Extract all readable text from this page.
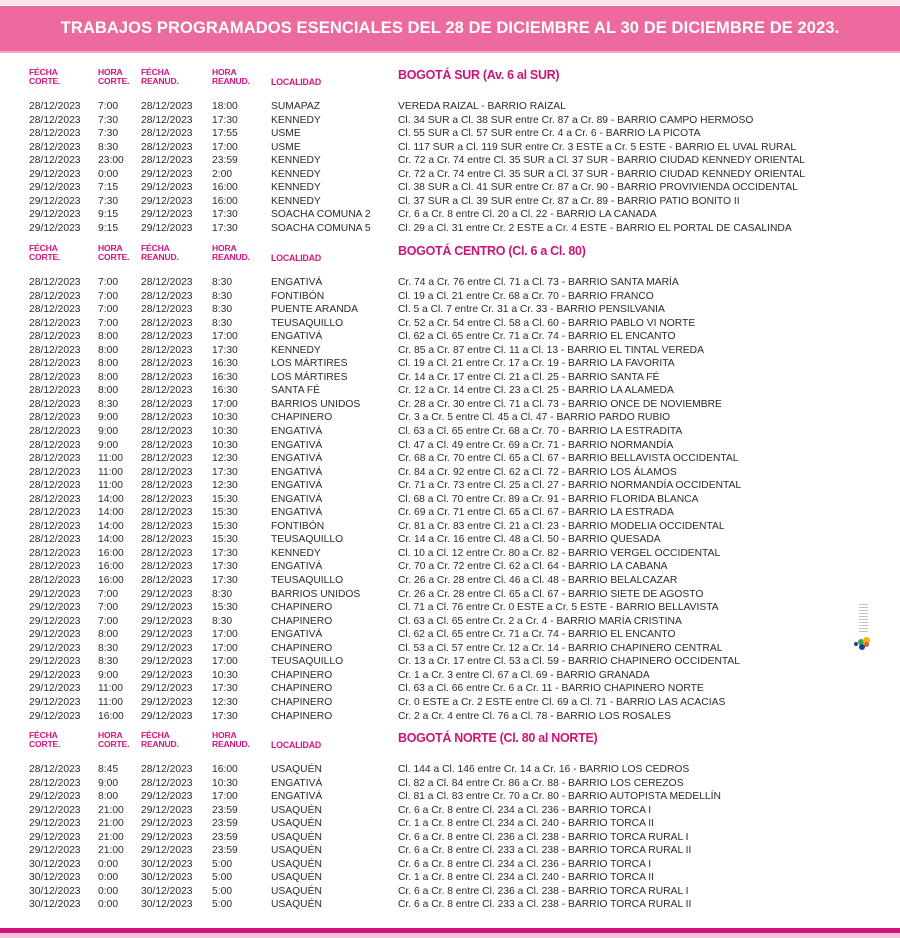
TRABAJOS PROGRAMADOS ESENCIALES DEL 28 DE DICIEMBRE AL 30 DE DICIEMBRE DE 2023.
FÉCHA
CORTE.
HORA
CORTE.
FÉCHA
REANUD.
HORA
REANUD. LOCALIDAD	BOGOTÁ SUR (Av. 6 al SUR)
28/12/2023 7:00 28/12/2023 18:00	SUMAPAZ	VEREDA RAIZAL - BARRIO RAIZAL
28/12/2023 7:30 28/12/2023 17:30	KENNEDY	Cl. 34 SUR a Cl. 38 SUR entre Cr. 87 a Cr. 89 - BARRIO CAMPO HERMOSO
28/12/2023 7:30 28/12/2023 17:55	USME	Cl. 55 SUR a Cl. 57 SUR entre Cr. 4 a Cr. 6 - BARRIO LA PICOTA
28/12/2023 8:30 28/12/2023 17:00	USME	Cl. 117 SUR a Cl. 119 SUR entre Cr. 3 ESTE a Cr. 5 ESTE - BARRIO EL UVAL RURAL
28/12/2023 23:00 28/12/2023 23:59	KENNEDY	Cr. 72 a Cr. 74 entre Cl. 35 SUR a Cl. 37 SUR - BARRIO CIUDAD KENNEDY ORIENTAL
29/12/2023 0:00 29/12/2023 2:00	KENNEDY	Cr. 72 a Cr. 74 entre Cl. 35 SUR a Cl. 37 SUR - BARRIO CIUDAD KENNEDY ORIENTAL
29/12/2023 7:15 29/12/2023 16:00	KENNEDY	Cl. 38 SUR a Cl. 41 SUR entre Cr. 87 a Cr. 90 - BARRIO PROVIVIENDA OCCIDENTAL
29/12/2023 7:30 29/12/2023 16:00	KENNEDY	Cl. 37 SUR a Cl. 39 SUR entre Cr. 87 a Cr. 89 - BARRIO PATIO BONITO II
29/12/2023 9:15 29/12/2023 17:30	SOACHA COMUNA 2	Cr. 6 a Cr. 8 entre Cl. 20 a Cl. 22 - BARRIO LA CANADA
29/12/2023 9:15 29/12/2023 17:30	SOACHA COMUNA 5	Cl. 29 a Cl. 31 entre Cr. 2 ESTE a Cr. 4 ESTE - BARRIO EL PORTAL DE CASALINDA
FÉCHA
CORTE.
HORA
CORTE.
FÉCHA
REANUD.
HORA
REANUD. LOCALIDAD	BOGOTÁ CENTRO (Cl. 6 a Cl. 80)
28/12/2023 7:00 28/12/2023 8:30	ENGATIVÁ	Cr. 74 a Cr. 76 entre Cl. 71 a Cl. 73 - BARRIO SANTA MARÍA
28/12/2023 7:00 28/12/2023 8:30	FONTIBÓN	Cl. 19 a Cl. 21 entre Cr. 68 a Cr. 70 - BARRIO FRANCO
28/12/2023 7:00 28/12/2023 8:30	PUENTE ARANDA	Cl. 5 a Cl. 7 entre Cr. 31 a Cr. 33 - BARRIO PENSILVANIA
28/12/2023 7:00 28/12/2023 8:30	TEUSAQUILLO	Cr. 52 a Cr. 54 entre Cl. 58 a Cl. 60 - BARRIO PABLO VI NORTE
28/12/2023 8:00 28/12/2023 17:00	ENGATIVÁ	Cl. 62 a Cl. 65 entre Cr. 71 a Cr. 74 - BARRIO EL ENCANTO
28/12/2023 8:00 28/12/2023 17:30	KENNEDY	Cr. 85 a Cr. 87 entre Cl. 11 a Cl. 13 - BARRIO EL TINTAL VEREDA
28/12/2023 8:00 28/12/2023 16:30	LOS MÁRTIRES	Cl. 19 a Cl. 21 entre Cr. 17 a Cr. 19 - BARRIO LA FAVORITA
28/12/2023 8:00 28/12/2023 16:30	LOS MÁRTIRES	Cr. 14 a Cr. 17 entre Cl. 21 a Cl. 25 - BARRIO SANTA FÉ
28/12/2023 8:00 28/12/2023 16:30	SANTA FÉ	Cr. 12 a Cr. 14 entre Cl. 23 a Cl. 25 - BARRIO LA ALAMEDA
28/12/2023 8:30 28/12/2023 17:00	BARRIOS UNIDOS	Cr. 28 a Cr. 30 entre Cl. 71 a Cl. 73 - BARRIO ONCE DE NOVIEMBRE
28/12/2023 9:00 28/12/2023 10:30	CHAPINERO	Cr. 3 a Cr. 5 entre Cl. 45 a Cl. 47 - BARRIO PARDO RUBIO
28/12/2023 9:00 28/12/2023 10:30	ENGATIVÁ	Cl. 63 a Cl. 65 entre Cr. 68 a Cr. 70 - BARRIO LA ESTRADITA
28/12/2023 9:00 28/12/2023 10:30	ENGATIVÁ	Cl. 47 a Cl. 49 entre Cr. 69 a Cr. 71 - BARRIO NORMANDÍA
28/12/2023 11:00 28/12/2023 12:30	ENGATIVÁ	Cr. 68 a Cr. 70 entre Cl. 65 a Cl. 67 - BARRIO BELLAVISTA OCCIDENTAL
28/12/2023 11:00 28/12/2023 17:30	ENGATIVÁ	Cr. 84 a Cr. 92 entre Cl. 62 a Cl. 72 - BARRIO LOS ÁLAMOS
28/12/2023 11:00 28/12/2023 12:30	ENGATIVÁ	Cr. 71 a Cr. 73 entre Cl. 25 a Cl. 27 - BARRIO NORMANDÍA OCCIDENTAL
28/12/2023 14:00 28/12/2023 15:30	ENGATIVÁ	Cl. 68 a Cl. 70 entre Cr. 89 a Cr. 91 - BARRIO FLORIDA BLANCA
28/12/2023 14:00 28/12/2023 15:30	ENGATIVÁ	Cr. 69 a Cr. 71 entre Cl. 65 a Cl. 67 - BARRIO LA ESTRADA
28/12/2023 14:00 28/12/2023 15:30	FONTIBÓN	Cr. 81 a Cr. 83 entre Cl. 21 a Cl. 23 - BARRIO MODELIA OCCIDENTAL
28/12/2023 14:00 28/12/2023 15:30	TEUSAQUILLO	Cr. 14 a Cr. 16 entre Cl. 48 a Cl. 50 - BARRIO QUESADA
28/12/2023 16:00 28/12/2023 17:30	KENNEDY	Cl. 10 a Cl. 12 entre Cr. 80 a Cr. 82 - BARRIO VERGEL OCCIDENTAL
28/12/2023 16:00 28/12/2023 17:30	ENGATIVÁ	Cr. 70 a Cr. 72 entre Cl. 62 a Cl. 64 - BARRIO LA CABANA
28/12/2023 16:00 28/12/2023 17:30	TEUSAQUILLO	Cr. 26 a Cr. 28 entre Cl. 46 a Cl. 48 - BARRIO BELALCAZAR
29/12/2023 7:00 29/12/2023 8:30	BARRIOS UNIDOS	Cr. 26 a Cr. 28 entre Cl. 65 a Cl. 67 - BARRIO SIETE DE AGOSTO
29/12/2023 7:00 29/12/2023 15:30	CHAPINERO	Cl. 71 a Cl. 76 entre Cr. 0 ESTE a Cr. 5 ESTE - BARRIO BELLAVISTA
29/12/2023 7:00 29/12/2023 8:30	CHAPINERO	Cl. 63 a Cl. 65 entre Cr. 2 a Cr. 4 - BARRIO MARÍA CRISTINA
29/12/2023 8:00 29/12/2023 17:00	ENGATIVÁ	Cl. 62 a Cl. 65 entre Cr. 71 a Cr. 74 - BARRIO EL ENCANTO
29/12/2023 8:30 29/12/2023 17:00	CHAPINERO	Cl. 53 a Cl. 57 entre Cr. 12 a Cr. 14 - BARRIO CHAPINERO CENTRAL
29/12/2023 8:30 29/12/2023 17:00	TEUSAQUILLO	Cr. 13 a Cr. 17 entre Cl. 53 a Cl. 59 - BARRIO CHAPINERO OCCIDENTAL
29/12/2023 9:00 29/12/2023 10:30	CHAPINERO	Cr. 1 a Cr. 3 entre Cl. 67 a Cl. 69 - BARRIO GRANADA
29/12/2023 11:00 29/12/2023 17:30	CHAPINERO	Cl. 63 a Cl. 66 entre Cr. 6 a Cr. 11 - BARRIO CHAPINERO NORTE
29/12/2023 11:00 29/12/2023 12:30	CHAPINERO	Cr. 0 ESTE a Cr. 2 ESTE entre Cl. 69 a Cl. 71 - BARRIO LAS ACACIAS
29/12/2023 16:00 29/12/2023 17:30	CHAPINERO	Cr. 2 a Cr. 4 entre Cl. 76 a Cl. 78 - BARRIO LOS ROSALES
FÉCHA
CORTE.
HORA
CORTE.
FÉCHA
REANUD.
HORA
REANUD. LOCALIDAD	BOGOTÁ NORTE (Cl. 80 al NORTE)
28/12/2023 8:45 28/12/2023 16:00	USAQUÉN	Cl. 144 a Cl. 146 entre Cr. 14 a Cr. 16 - BARRIO LOS CEDROS
28/12/2023 9:00 28/12/2023 10:30	ENGATIVÁ	Cl. 82 a Cl. 84 entre Cr. 86 a Cr. 88 - BARRIO LOS CEREZOS
29/12/2023 8:00 29/12/2023 17:00	ENGATIVÁ	Cl. 81 a Cl. 83 entre Cr. 70 a Cr. 80 - BARRIO AUTOPISTA MEDELLÍN
29/12/2023 21:00 29/12/2023 23:59	USAQUÉN	Cr. 6 a Cr. 8 entre Cl. 234 a Cl. 236 - BARRIO TORCA I
29/12/2023 21:00 29/12/2023 23:59	USAQUÉN	Cr. 1 a Cr. 8 entre Cl. 234 a Cl. 240 - BARRIO TORCA II
29/12/2023 21:00 29/12/2023 23:59	USAQUÉN	Cr. 6 a Cr. 8 entre Cl. 236 a Cl. 238 - BARRIO TORCA RURAL I
29/12/2023 21:00 29/12/2023 23:59	USAQUÉN	Cr. 6 a Cr. 8 entre Cl. 233 a Cl. 238 - BARRIO TORCA RURAL II
30/12/2023 0:00 30/12/2023 5:00	USAQUÉN	Cr. 6 a Cr. 8 entre Cl. 234 a Cl. 236 - BARRIO TORCA I
30/12/2023 0:00 30/12/2023 5:00	USAQUÉN	Cr. 1 a Cr. 8 entre Cl. 234 a Cl. 240 - BARRIO TORCA II
30/12/2023 0:00 30/12/2023 5:00	USAQUÉN	Cr. 6 a Cr. 8 entre Cl. 236 a Cl. 238 - BARRIO TORCA RURAL I
30/12/2023 0:00 30/12/2023 5:00	USAQUÉN	Cr. 6 a Cr. 8 entre Cl. 233 a Cl. 238 - BARRIO TORCA RURAL II
